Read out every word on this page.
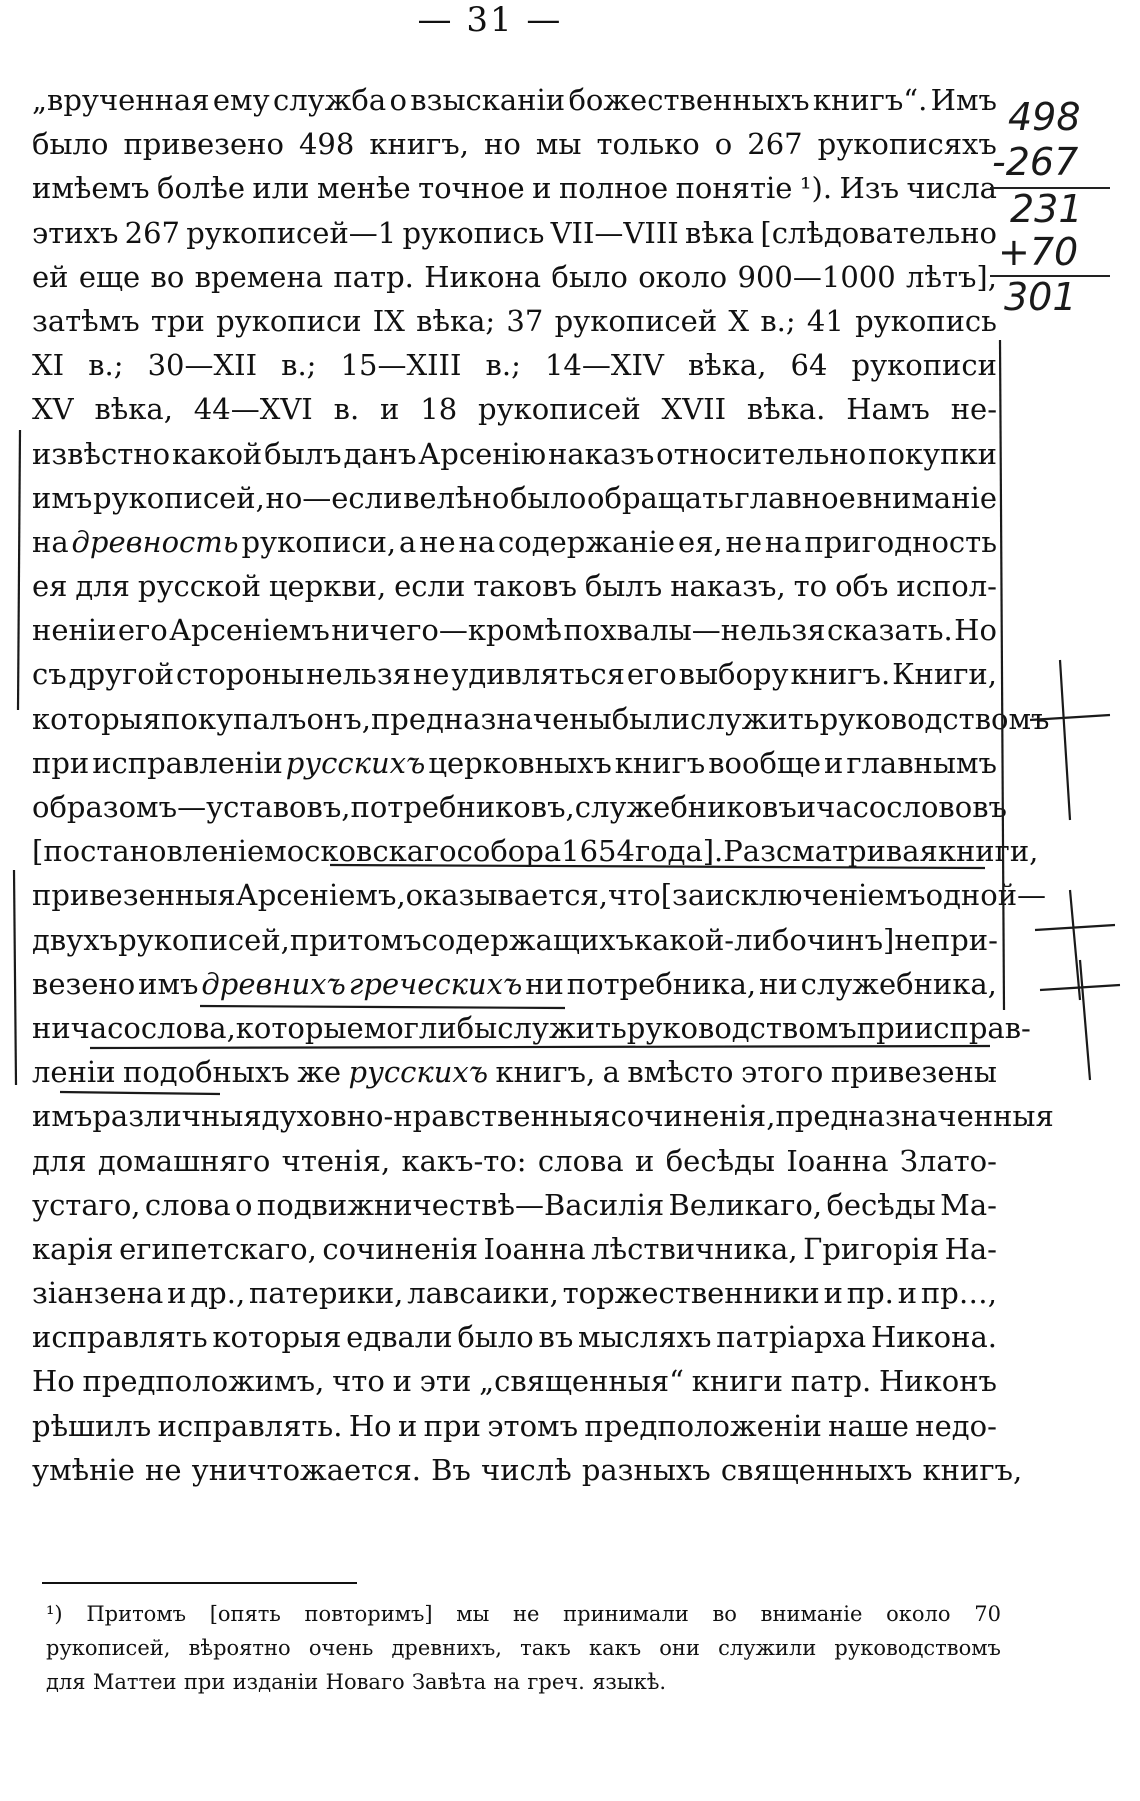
— 31 —
„врученная ему служба о взысканіи божественныхъ книгъ“. Имъ
было привезено 498 книгъ, но мы только о 267 рукописяхъ
имѣемъ болѣе или менѣе точное и полное понятіе ¹). Изъ числа
этихъ 267 рукописей—1 рукопись VII—VIII вѣка [слѣдовательно
ей еще во времена патр. Никона было около 900—1000 лѣтъ],
затѣмъ три рукописи IX вѣка; 37 рукописей X в.; 41 рукопись
XI в.; 30—XII в.; 15—XIII в.; 14—XIV вѣка, 64 рукописи
XV вѣка, 44—XVI в. и 18 рукописей XVII вѣка. Намъ не-
извѣстно какой былъ данъ Арсенію наказъ относительно покупки
имъ рукописей, но—если велѣно было обращать главное вниманіе
на древность рукописи, а не на содержаніе ея, не на пригодность
ея для русской церкви, если таковъ былъ наказъ, то объ испол-
неніи его Арсеніемъ ничего—кромѣ похвалы—нельзя сказать. Но
съ другой стороны нельзя не удивляться его выбору книгъ. Книги,
которыя покупалъ онъ, предназначены были служить руководствомъ
при исправленіи русскихъ церковныхъ книгъ вообще и главнымъ
образомъ — уставовъ, потребниковъ, служебниковъ и часослововъ
[постановленіе московскаго собора 1654 года]. Разсматривая книги,
привезенныя Арсеніемъ, оказывается, что [за исключеніемъ одной—
двухъ рукописей, притомъ содержащихъ какой-либо чинъ] не при-
везено имъ древнихъ греческихъ ни потребника, ни служебника,
ни часослова, которые могли бы служить руководствомъ при исправ-
леніи подобныхъ же русскихъ книгъ, а вмѣсто этого привезены
имъ различныя духовно-нравственныя сочиненія, предназначенныя
для домашняго чтенія, какъ-то: слова и бесѣды Іоанна Злато-
устаго, слова о подвижничествѣ—Василія Великаго, бесѣды Ма-
карія египетскаго, сочиненія Іоанна лѣствичника, Григорія На-
зіанзена и др., патерики, лавсаики, торжественники и пр. и пр…,
исправлять которыя едвали было въ мысляхъ патріарха Никона.
Но предположимъ, что и эти „священныя“ книги патр. Никонъ
рѣшилъ исправлять. Но и при этомъ предположеніи наше недо-
умѣніе не уничтожается. Въ числѣ разныхъ священныхъ книгъ,
¹) Притомъ [опять повторимъ] мы не принимали во вниманіе около 70
рукописей, вѣроятно очень древнихъ, такъ какъ они служили руководствомъ
для Маттеи при изданіи Новаго Завѣта на греч. языкѣ.
498
-267
231
+70
301
